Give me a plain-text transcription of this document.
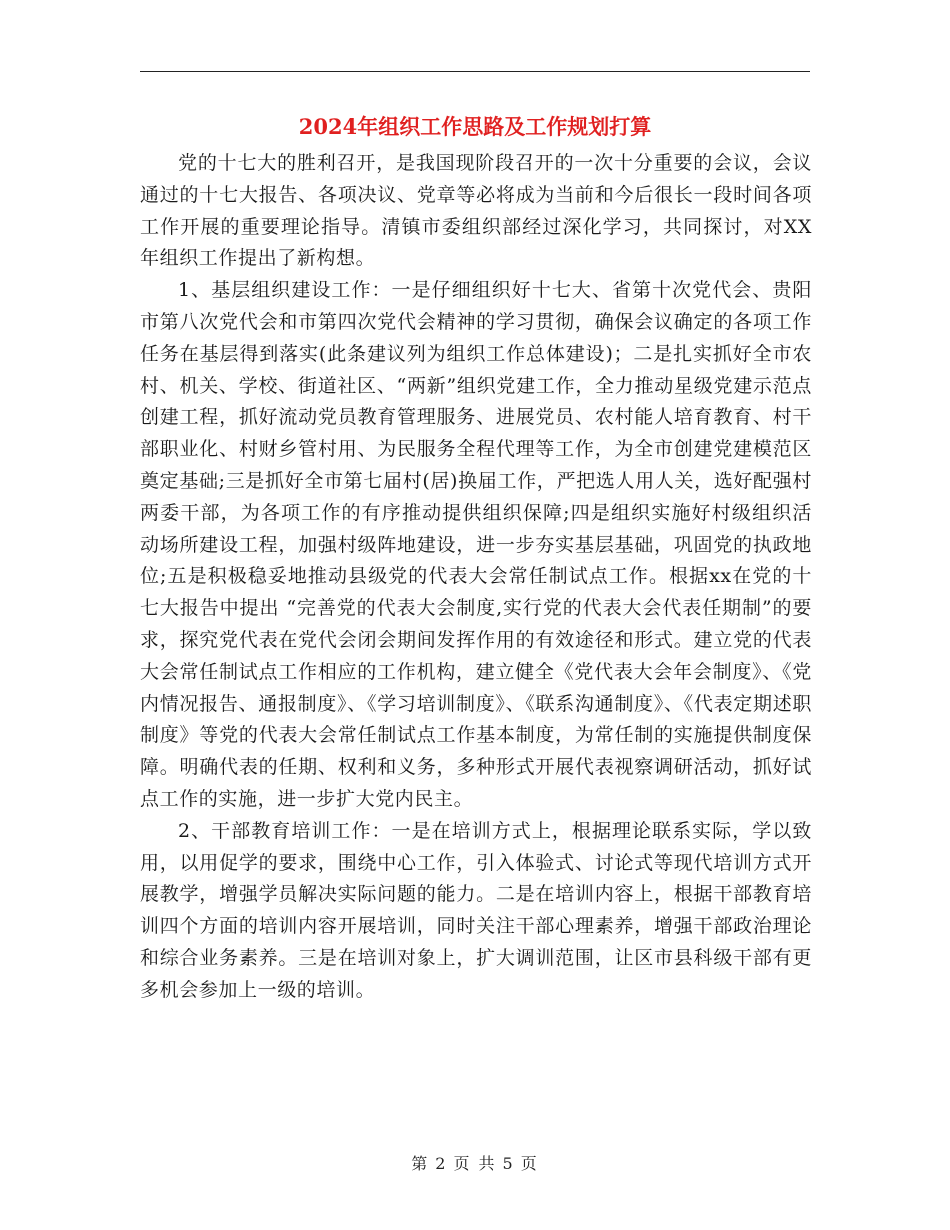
2024年组织工作思路及工作规划打算

党的十七大的胜利召开，是我国现阶段召开的一次十分重要的会议，会议通过的十七大报告、各项决议、党章等必将成为当前和今后很长一段时间各项工作开展的重要理论指导。清镇市委组织部经过深化学习，共同探讨，对XX年组织工作提出了新构想。

1、基层组织建设工作：一是仔细组织好十七大、省第十次党代会、贵阳市第八次党代会和市第四次党代会精神的学习贯彻，确保会议确定的各项工作任务在基层得到落实(此条建议列为组织工作总体建设)；二是扎实抓好全市农村、机关、学校、街道社区、“两新”组织党建工作，全力推动星级党建示范点创建工程，抓好流动党员教育管理服务、进展党员、农村能人培育教育、村干部职业化、村财乡管村用、为民服务全程代理等工作，为全市创建党建模范区奠定基础;三是抓好全市第七届村(居)换届工作，严把选人用人关，选好配强村两委干部，为各项工作的有序推动提供组织保障;四是组织实施好村级组织活动场所建设工程，加强村级阵地建设，进一步夯实基层基础，巩固党的执政地位;五是积极稳妥地推动县级党的代表大会常任制试点工作。根据xx在党的十七大报告中提出 “完善党的代表大会制度,实行党的代表大会代表任期制”的要求，探究党代表在党代会闭会期间发挥作用的有效途径和形式。建立党的代表大会常任制试点工作相应的工作机构，建立健全《党代表大会年会制度》、《党内情况报告、通报制度》、《学习培训制度》、《联系沟通制度》、《代表定期述职制度》等党的代表大会常任制试点工作基本制度，为常任制的实施提供制度保障。明确代表的任期、权利和义务，多种形式开展代表视察调研活动，抓好试点工作的实施，进一步扩大党内民主。

2、干部教育培训工作：一是在培训方式上，根据理论联系实际，学以致用，以用促学的要求，围绕中心工作，引入体验式、讨论式等现代培训方式开展教学，增强学员解决实际问题的能力。二是在培训内容上，根据干部教育培训四个方面的培训内容开展培训，同时关注干部心理素养，增强干部政治理论和综合业务素养。三是在培训对象上，扩大调训范围，让区市县科级干部有更多机会参加上一级的培训。

第 2 页 共 5 页
